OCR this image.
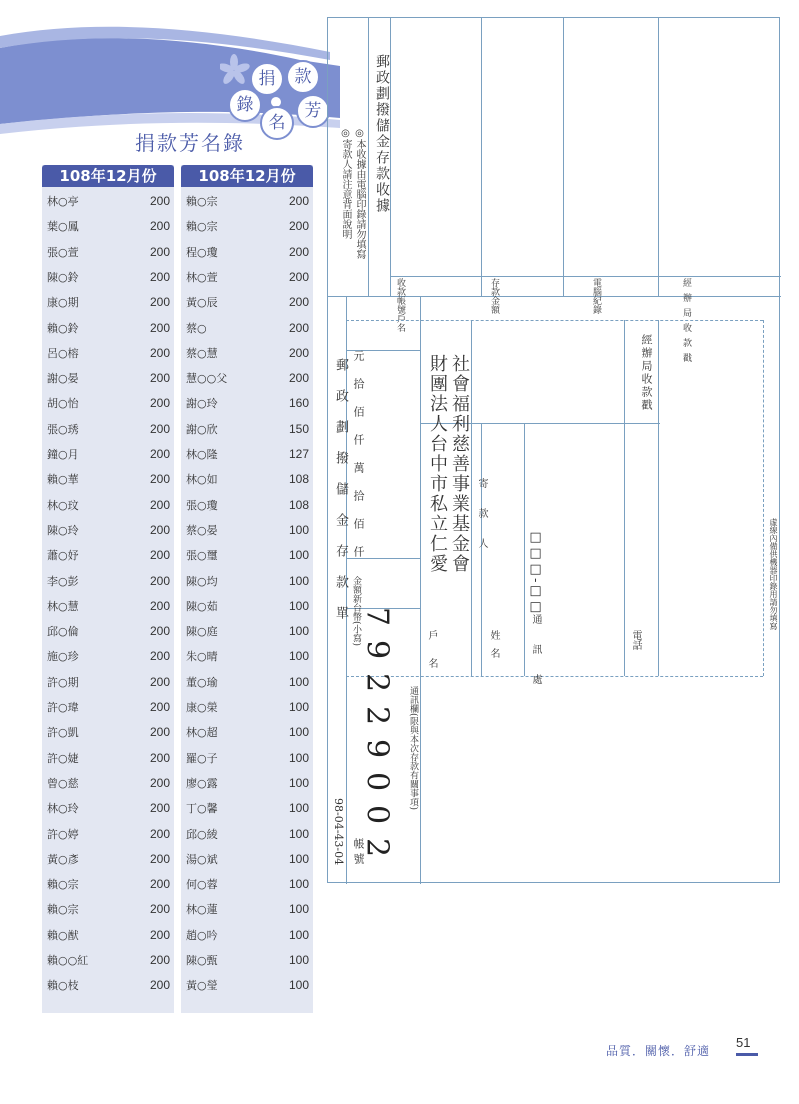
捐	款
錄
名
芳
捐款芳名錄
108年12月份
林○亭	200
葉○鳳	200
張○萱	200
陳○鈴	200
康○期	200
賴○鈴	200
呂○榕	200
謝○晏	200
胡○怡	200
張○琇	200
鐘○月	200
賴○華	200
林○玟	200
陳○玲	200
蕭○妤	200
李○彭	200
林○慧	200
邱○倫	200
施○珍	200
許○期	200
許○瑋	200
許○凱	200
許○婕	200
曾○慈	200
林○玲	200
許○婷	200
黃○彥	200
賴○宗	200
賴○宗	200
賴○猷	200
賴○○紅	200
賴○枝	200
108年12月份
賴○宗	200
賴○宗	200
程○瓊	200
林○萱	200
黃○辰	200
蔡○	200
蔡○慧	200
慧○○父	200
謝○玲	160
謝○欣	150
林○隆	127
林○如	108
張○瓊	108
蔡○晏	100
張○璽	100
陳○均	100
陳○茹	100
陳○庭	100
朱○晴	100
董○瑜	100
康○榮	100
林○超	100
羅○子	100
廖○露	100
丁○馨	100
邱○綾	100
湯○斌	100
何○蓉	100
林○蓮	100
趙○吟	100
陳○甄	100
黃○瑩	100
◎寄款人請注意背面說明 ◎本收據由電腦印錄請勿填寫 郵政劃撥儲金存款收據
收款帳號戶名	存款金額	電腦紀錄	經辦局收款戳
郵政劃撥儲金存款單
98-04-43-04 帳號
金額新台幣(小寫)
2
0
0
9
2
2
9
7
仟
佰
拾
萬
仟
佰
拾
元	財團法人台中市私立仁愛 社會福利慈善事業基金會
戶名
寄款人
姓名	通訊處	電話
□□□-□□
通訊欄(限與本次存款有關事項)
經辦局收款戳
虛線內備供機器印錄用請勿填寫
品質．關懷．舒適
51
